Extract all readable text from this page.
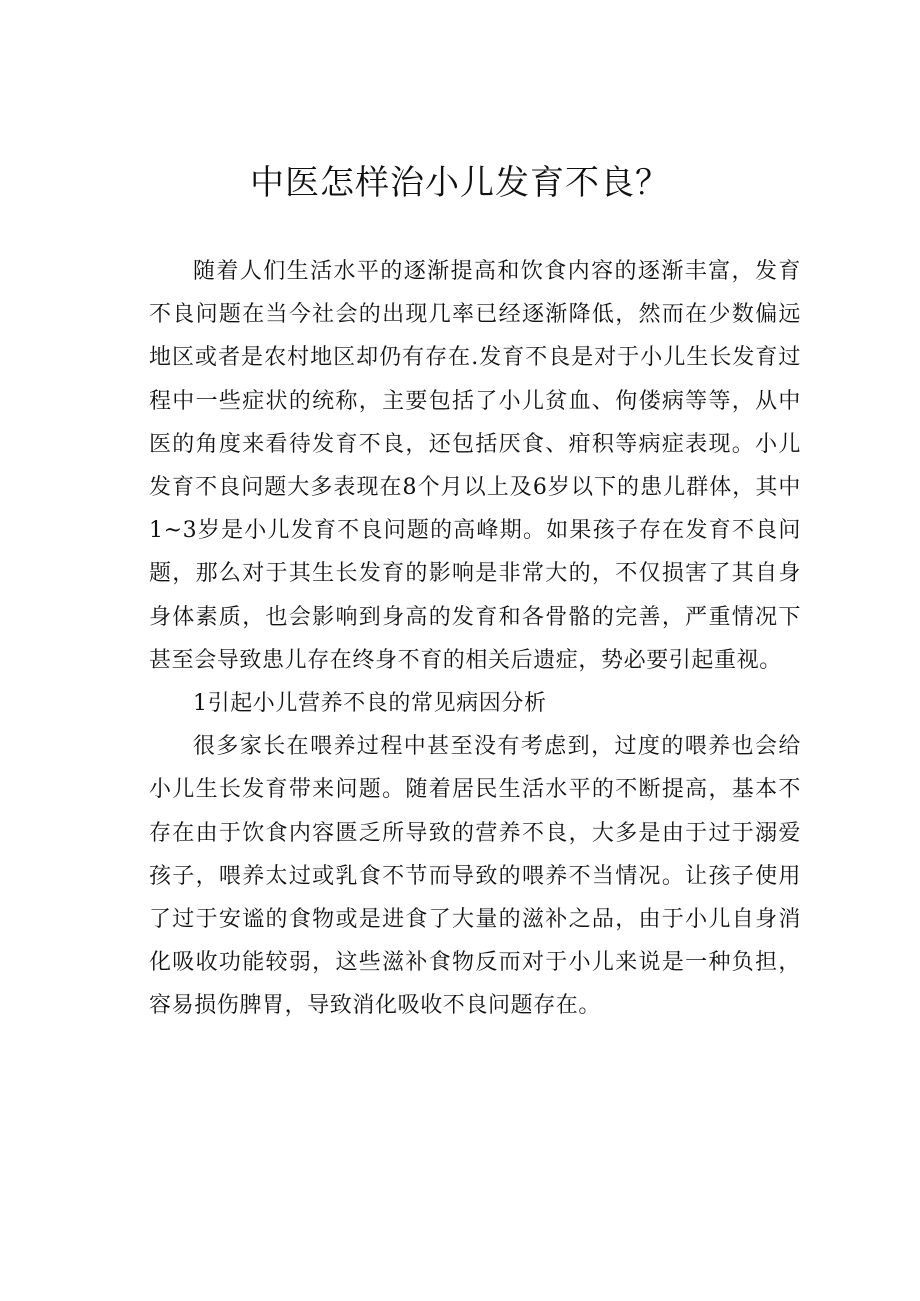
中医怎样治小儿发育不良？

随着人们生活水平的逐渐提高和饮食内容的逐渐丰富，发育不良问题在当今社会的出现几率已经逐渐降低，然而在少数偏远地区或者是农村地区却仍有存在.发育不良是对于小儿生长发育过程中一些症状的统称，主要包括了小儿贫血、佝偻病等等，从中医的角度来看待发育不良，还包括厌食、疳积等病症表现。小儿发育不良问题大多表现在8个月以上及6岁以下的患儿群体，其中1~3岁是小儿发育不良问题的高峰期。如果孩子存在发育不良问题，那么对于其生长发育的影响是非常大的，不仅损害了其自身身体素质，也会影响到身高的发育和各骨骼的完善，严重情况下甚至会导致患儿存在终身不育的相关后遗症，势必要引起重视。

1引起小儿营养不良的常见病因分析

很多家长在喂养过程中甚至没有考虑到，过度的喂养也会给小儿生长发育带来问题。随着居民生活水平的不断提高，基本不存在由于饮食内容匮乏所导致的营养不良，大多是由于过于溺爱孩子，喂养太过或乳食不节而导致的喂养不当情况。让孩子使用了过于安谧的食物或是进食了大量的滋补之品，由于小儿自身消化吸收功能较弱，这些滋补食物反而对于小儿来说是一种负担，容易损伤脾胃，导致消化吸收不良问题存在。
